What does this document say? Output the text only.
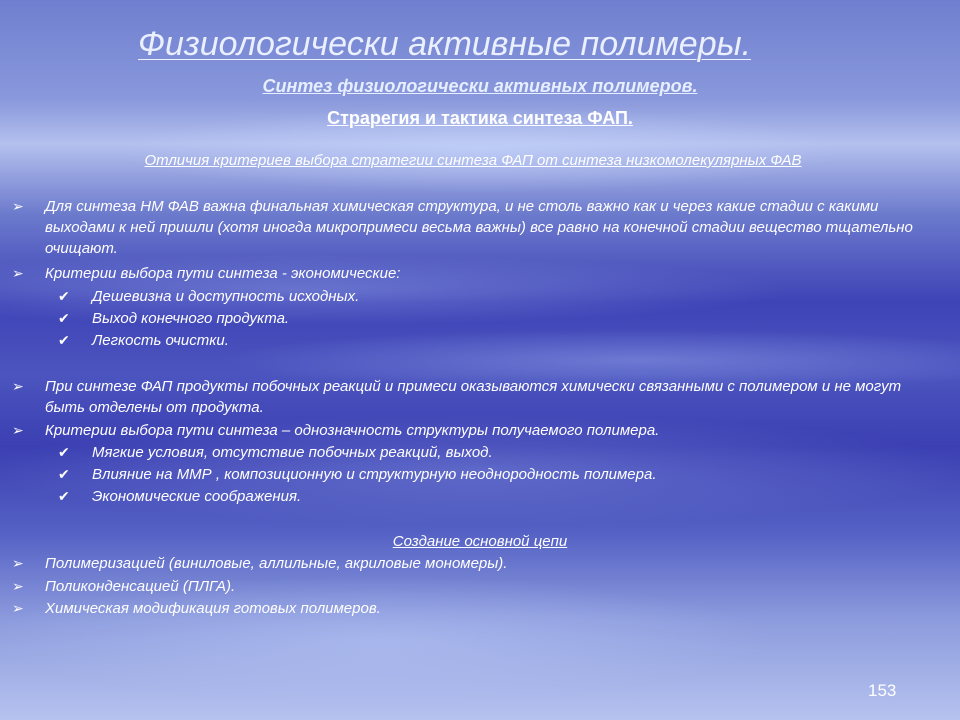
Физиологически активные полимеры.
Синтез физиологически активных полимеров.
Страрегия и тактика синтеза ФАП.
Отличия критериев выбора стратегии синтеза ФАП от синтеза низкомолекулярных ФАВ
➢	Для синтеза НМ ФАВ важна финальная химическая структура, и не столь важно как и через какие стадии с какими выходами к ней пришли (хотя иногда микропримеси весьма важны) все равно на конечной стадии вещество тщательно очищают.
➢	Критерии выбора пути синтеза - экономические:
✔	Дешевизна и доступность исходных.
✔	Выход конечного продукта.
✔	Легкость очистки.
➢	При синтезе ФАП продукты побочных реакций и примеси оказываются химически связанными с полимером и не могут быть отделены от продукта.
➢	Критерии выбора пути синтеза – однозначность структуры получаемого полимера.
✔	Мягкие условия, отсутствие побочных реакций, выход.
✔	Влияние на ММР , композиционную и структурную неоднородность полимера.
✔	Экономические соображения.
Создание основной цепи
➢	Полимеризацией (виниловые, аллильные, акриловые мономеры).
➢	Поликонденсацией (ПЛГА).
➢	Химическая модификация готовых полимеров.
153
